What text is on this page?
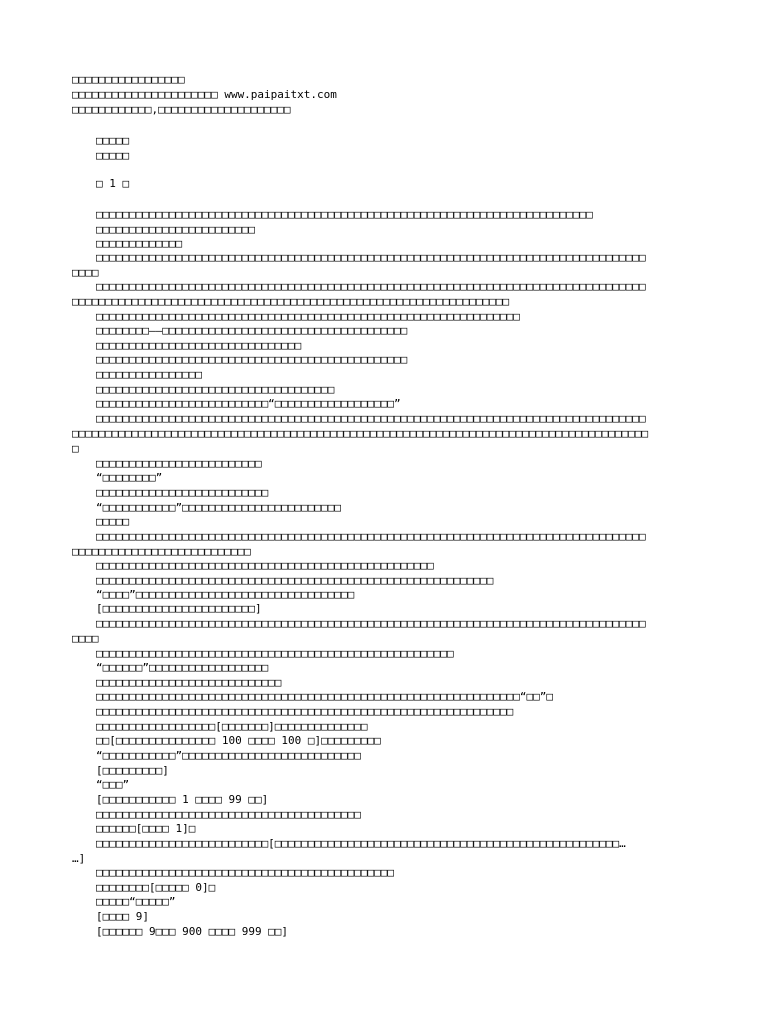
□□□□□□□□□□□□□□□□□
□□□□□□□□□□□□□□□□□□□□□□ www.paipaitxt.com
□□□□□□□□□□□□,□□□□□□□□□□□□□□□□□□□□
□□□□□
□□□□□
□ 1 □
□□□□□□□□□□□□□□□□□□□□□□□□□□□□□□□□□□□□□□□□□□□□□□□□□□□□□□□□□□□□□□□□□□□□□□□□□□□
□□□□□□□□□□□□□□□□□□□□□□□□
□□□□□□□□□□□□□
□□□□□□□□□□□□□□□□□□□□□□□□□□□□□□□□□□□□□□□□□□□□□□□□□□□□□□□□□□□□□□□□□□□□□□□□□□□□□□□□□□□
□□□□
□□□□□□□□□□□□□□□□□□□□□□□□□□□□□□□□□□□□□□□□□□□□□□□□□□□□□□□□□□□□□□□□□□□□□□□□□□□□□□□□□□□
□□□□□□□□□□□□□□□□□□□□□□□□□□□□□□□□□□□□□□□□□□□□□□□□□□□□□□□□□□□□□□□□□□
□□□□□□□□□□□□□□□□□□□□□□□□□□□□□□□□□□□□□□□□□□□□□□□□□□□□□□□□□□□□□□□□
□□□□□□□□——□□□□□□□□□□□□□□□□□□□□□□□□□□□□□□□□□□□□□
□□□□□□□□□□□□□□□□□□□□□□□□□□□□□□□
□□□□□□□□□□□□□□□□□□□□□□□□□□□□□□□□□□□□□□□□□□□□□□□
□□□□□□□□□□□□□□□□
□□□□□□□□□□□□□□□□□□□□□□□□□□□□□□□□□□□□
□□□□□□□□□□□□□□□□□□□□□□□□□□“□□□□□□□□□□□□□□□□□□”
□□□□□□□□□□□□□□□□□□□□□□□□□□□□□□□□□□□□□□□□□□□□□□□□□□□□□□□□□□□□□□□□□□□□□□□□□□□□□□□□□□□
□□□□□□□□□□□□□□□□□□□□□□□□□□□□□□□□□□□□□□□□□□□□□□□□□□□□□□□□□□□□□□□□□□□□□□□□□□□□□□□□□□□□□□□
□
□□□□□□□□□□□□□□□□□□□□□□□□□
“□□□□□□□□”
□□□□□□□□□□□□□□□□□□□□□□□□□□
“□□□□□□□□□□□”□□□□□□□□□□□□□□□□□□□□□□□□
□□□□□
□□□□□□□□□□□□□□□□□□□□□□□□□□□□□□□□□□□□□□□□□□□□□□□□□□□□□□□□□□□□□□□□□□□□□□□□□□□□□□□□□□□
□□□□□□□□□□□□□□□□□□□□□□□□□□□
□□□□□□□□□□□□□□□□□□□□□□□□□□□□□□□□□□□□□□□□□□□□□□□□□□□
□□□□□□□□□□□□□□□□□□□□□□□□□□□□□□□□□□□□□□□□□□□□□□□□□□□□□□□□□□□□
“□□□□”□□□□□□□□□□□□□□□□□□□□□□□□□□□□□□□□□
[□□□□□□□□□□□□□□□□□□□□□□□]
□□□□□□□□□□□□□□□□□□□□□□□□□□□□□□□□□□□□□□□□□□□□□□□□□□□□□□□□□□□□□□□□□□□□□□□□□□□□□□□□□□□
□□□□
□□□□□□□□□□□□□□□□□□□□□□□□□□□□□□□□□□□□□□□□□□□□□□□□□□□□□□
“□□□□□□”□□□□□□□□□□□□□□□□□□
□□□□□□□□□□□□□□□□□□□□□□□□□□□□
□□□□□□□□□□□□□□□□□□□□□□□□□□□□□□□□□□□□□□□□□□□□□□□□□□□□□□□□□□□□□□□□“□□”□
□□□□□□□□□□□□□□□□□□□□□□□□□□□□□□□□□□□□□□□□□□□□□□□□□□□□□□□□□□□□□□□
□□□□□□□□□□□□□□□□□□[□□□□□□□]□□□□□□□□□□□□□□
□□[□□□□□□□□□□□□□□□ 100 □□□□ 100 □]□□□□□□□□□
“□□□□□□□□□□□”□□□□□□□□□□□□□□□□□□□□□□□□□□□
[□□□□□□□□□]
“□□□”
[□□□□□□□□□□□ 1 □□□□ 99 □□]
□□□□□□□□□□□□□□□□□□□□□□□□□□□□□□□□□□□□□□□□
□□□□□□[□□□□ 1]□
□□□□□□□□□□□□□□□□□□□□□□□□□□[□□□□□□□□□□□□□□□□□□□□□□□□□□□□□□□□□□□□□□□□□□□□□□□□□□□□…
…]
□□□□□□□□□□□□□□□□□□□□□□□□□□□□□□□□□□□□□□□□□□□□□
□□□□□□□□[□□□□□ 0]□
□□□□□“□□□□□”
[□□□□ 9]
[□□□□□□ 9□□□ 900 □□□□ 999 □□]
